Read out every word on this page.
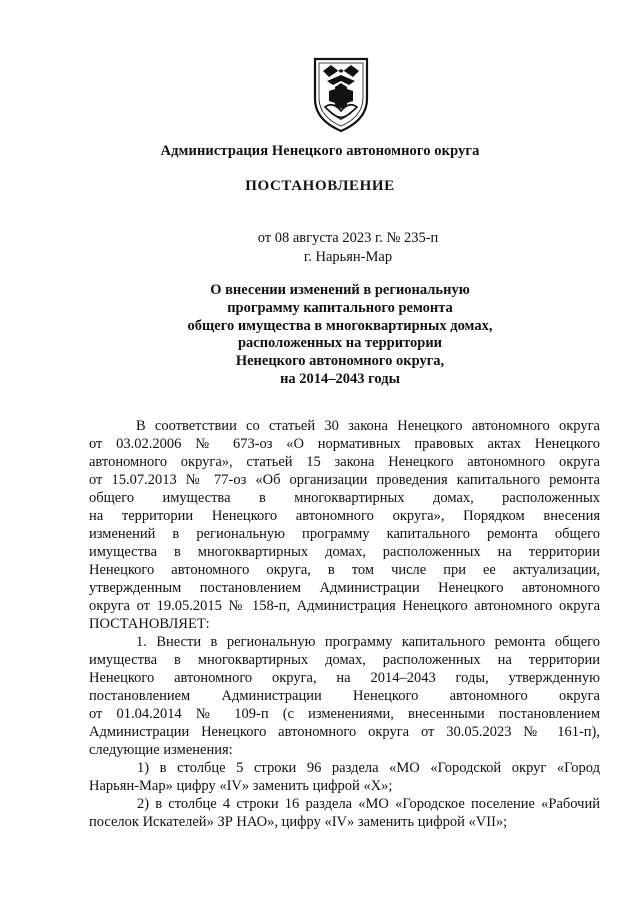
Администрация Ненецкого автономного округа

ПОСТАНОВЛЕНИЕ

от 08 августа 2023 г. № 235-п

г. Нарьян-Мар

О внесении изменений в региональную
программу капитального ремонта
общего имущества в многоквартирных домах,
расположенных на территории
Ненецкого автономного округа,
на 2014–2043 годы
В соответствии со статьей 30 закона Ненецкого автономного округа
от 03.02.2006 № 673-оз «О нормативных правовых актах Ненецкого
автономного округа», статьей 15 закона Ненецкого автономного округа
от 15.07.2013 № 77-оз «Об организации проведения капитального ремонта
общего имущества в многоквартирных домах, расположенных
на территории Ненецкого автономного округа», Порядком внесения
изменений в региональную программу капитального ремонта общего
имущества в многоквартирных домах, расположенных на территории
Ненецкого автономного округа, в том числе при ее актуализации,
утвержденным постановлением Администрации Ненецкого автономного
округа от 19.05.2015 № 158-п, Администрация Ненецкого автономного округа
ПОСТАНОВЛЯЕТ:
1. Внести в региональную программу капитального ремонта общего
имущества в многоквартирных домах, расположенных на территории
Ненецкого автономного округа, на 2014–2043 годы, утвержденную
постановлением Администрации Ненецкого автономного округа
от 01.04.2014 № 109-п (с изменениями, внесенными постановлением
Администрации Ненецкого автономного округа от 30.05.2023 № 161-п),
следующие изменения:
1) в столбце 5 строки 96 раздела «МО «Городской округ «Город
Нарьян-Мар» цифру «IV» заменить цифрой «X»;
2) в столбце 4 строки 16 раздела «МО «Городское поселение «Рабочий
поселок Искателей» ЗР НАО», цифру «IV» заменить цифрой «VII»;
